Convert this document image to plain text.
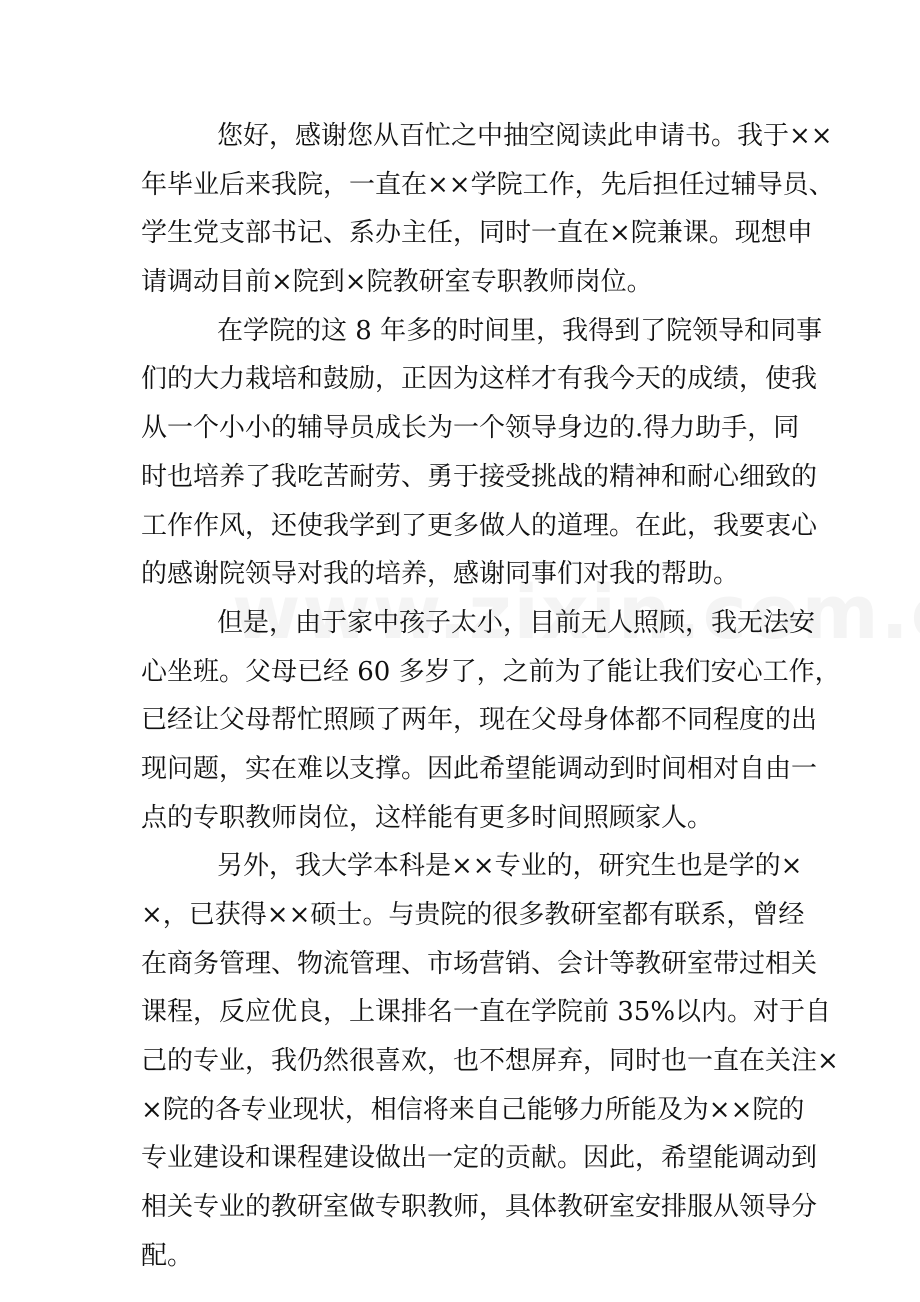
您好，感谢您从百忙之中抽空阅读此申请书。我于××
年毕业后来我院，一直在××学院工作，先后担任过辅导员、
学生党支部书记、系办主任，同时一直在×院兼课。现想申
请调动目前×院到×院教研室专职教师岗位。
在学院的这 8 年多的时间里，我得到了院领导和同事
们的大力栽培和鼓励，正因为这样才有我今天的成绩，使我
从一个小小的辅导员成长为一个领导身边的.得力助手，同
时也培养了我吃苦耐劳、勇于接受挑战的精神和耐心细致的
工作作风，还使我学到了更多做人的道理。在此，我要衷心
的感谢院领导对我的培养，感谢同事们对我的帮助。
但是，由于家中孩子太小，目前无人照顾，我无法安
心坐班。父母已经 60 多岁了，之前为了能让我们安心工作，
已经让父母帮忙照顾了两年，现在父母身体都不同程度的出
现问题，实在难以支撑。因此希望能调动到时间相对自由一
点的专职教师岗位，这样能有更多时间照顾家人。
另外，我大学本科是××专业的，研究生也是学的×
×，已获得××硕士。与贵院的很多教研室都有联系，曾经
在商务管理、物流管理、市场营销、会计等教研室带过相关
课程，反应优良，上课排名一直在学院前 35%以内。对于自
己的专业，我仍然很喜欢，也不想屏弃，同时也一直在关注×
×院的各专业现状，相信将来自己能够力所能及为××院的
专业建设和课程建设做出一定的贡献。因此，希望能调动到
相关专业的教研室做专职教师，具体教研室安排服从领导分
配。
